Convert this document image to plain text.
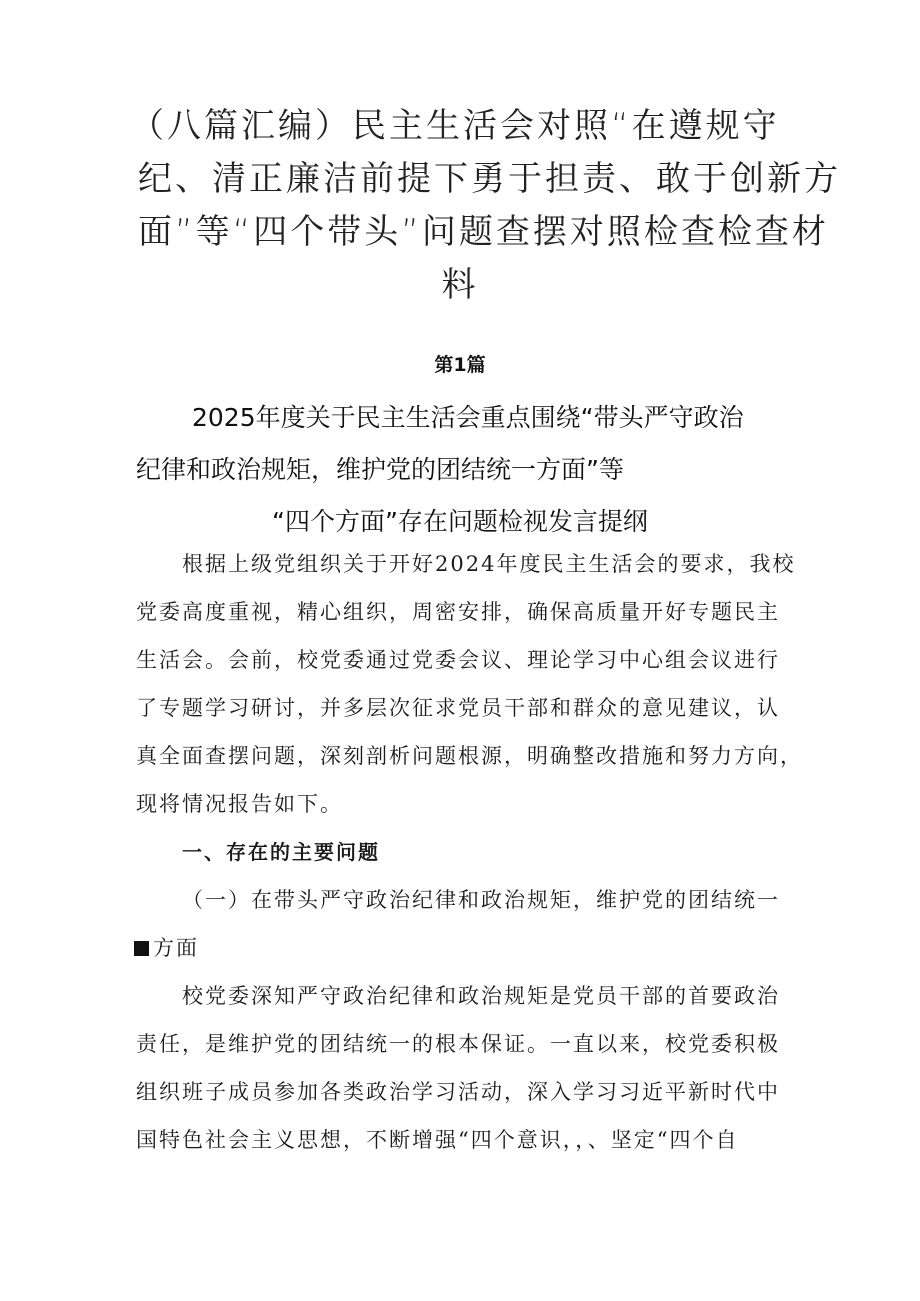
（八篇汇编）民主生活会对照“在遵规守
纪、清正廉洁前提下勇于担责、敢于创新方
面”等“四个带头”问题查摆对照检查检查材
料
第1篇
2025年度关于民主生活会重点围绕“带头严守政治
纪律和政治规矩，维护党的团结统一方面”等
“四个方面”存在问题检视发言提纲
根据上级党组织关于开好2024年度民主生活会的要求，我校
党委高度重视，精心组织，周密安排，确保高质量开好专题民主
生活会。会前，校党委通过党委会议、理论学习中心组会议进行
了专题学习研讨，并多层次征求党员干部和群众的意见建议，认
真全面查摆问题，深刻剖析问题根源，明确整改措施和努力方向，
现将情况报告如下。
一、存在的主要问题
（一）在带头严守政治纪律和政治规矩，维护党的团结统一
方面
校党委深知严守政治纪律和政治规矩是党员干部的首要政治
责任，是维护党的团结统一的根本保证。一直以来，校党委积极
组织班子成员参加各类政治学习活动，深入学习习近平新时代中
国特色社会主义思想，不断增强“四个意识，，、坚定“四个自
